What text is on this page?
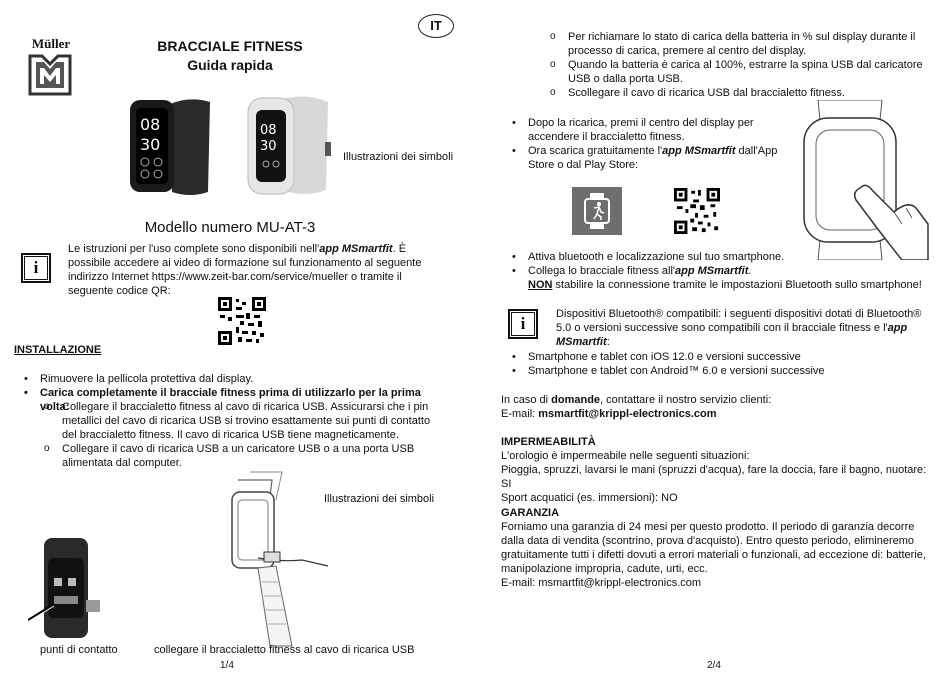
Müller	BRACCIALE FITNESS
Guida rapida
IT
08
30
08
30
Illustrazioni dei simboli
Modello numero MU-AT-3
i
Le istruzioni per l'uso complete sono disponibili nell'app MSmartfit. È possibile accedere ai video di formazione sul funzionamento al seguente indirizzo Internet https://www.zeit-bar.com/service/mueller o tramite il seguente codice QR:
INSTALLAZIONE
• Rimuovere la pellicola protettiva dal display.
• Carica completamente il bracciale fitness prima di utilizzarlo per la prima volta:
o Collegare il braccialetto fitness al cavo di ricarica USB. Assicurarsi che i pin metallici del cavo di ricarica USB si trovino esattamente sui punti di contatto del braccialetto fitness. Il cavo di ricarica USB tiene magneticamente.
o Collegare il cavo di ricarica USB a un caricatore USB o a una porta USB alimentata dal computer.
Illustrazioni dei simboli
punti di contatto	collegare il braccialetto fitness al cavo di ricarica USB
1/4
o Per richiamare lo stato di carica della batteria in % sul display durante il processo di carica, premere al centro del display.
o Quando la batteria è carica al 100%, estrarre la spina USB dal caricatore USB o dalla porta USB.
o Scollegare il cavo di ricarica USB dal braccialetto fitness.
• Dopo la ricarica, premi il centro del display per accendere il braccialetto fitness.
• Ora scarica gratuitamente l'app MSmartfit dall'App Store o dal Play Store:
• Attiva bluetooth e localizzazione sul tuo smartphone.
• Collega lo bracciale fitness all'app MSmartfit.
NON stabilire la connessione tramite le impostazioni Bluetooth sullo smartphone!
i	Dispositivi Bluetooth® compatibili: i seguenti dispositivi dotati di Bluetooth® 5.0 o versioni successive sono compatibili con il bracciale fitness e l'app MSmartfit:
• Smartphone e tablet con iOS 12.0 e versioni successive
• Smartphone e tablet con Android™ 6.0 e versioni successive
In caso di domande, contattare il nostro servizio clienti:
E-mail: msmartfit@krippl-electronics.com
IMPERMEABILITÀ
L'orologio è impermeabile nelle seguenti situazioni:
Pioggia, spruzzi, lavarsi le mani (spruzzi d'acqua), fare la doccia, fare il bagno, nuotare: SI
Sport acquatici (es. immersioni): NO
GARANZIA
Forniamo una garanzia di 24 mesi per questo prodotto. Il periodo di garanzia decorre dalla data di vendita (scontrino, prova d'acquisto). Entro questo periodo, elimineremo gratuitamente tutti i difetti dovuti a errori materiali o funzionali, ad eccezione di: batterie, manipolazione impropria, cadute, urti, ecc.
E-mail: msmartfit@krippl-electronics.com
2/4
